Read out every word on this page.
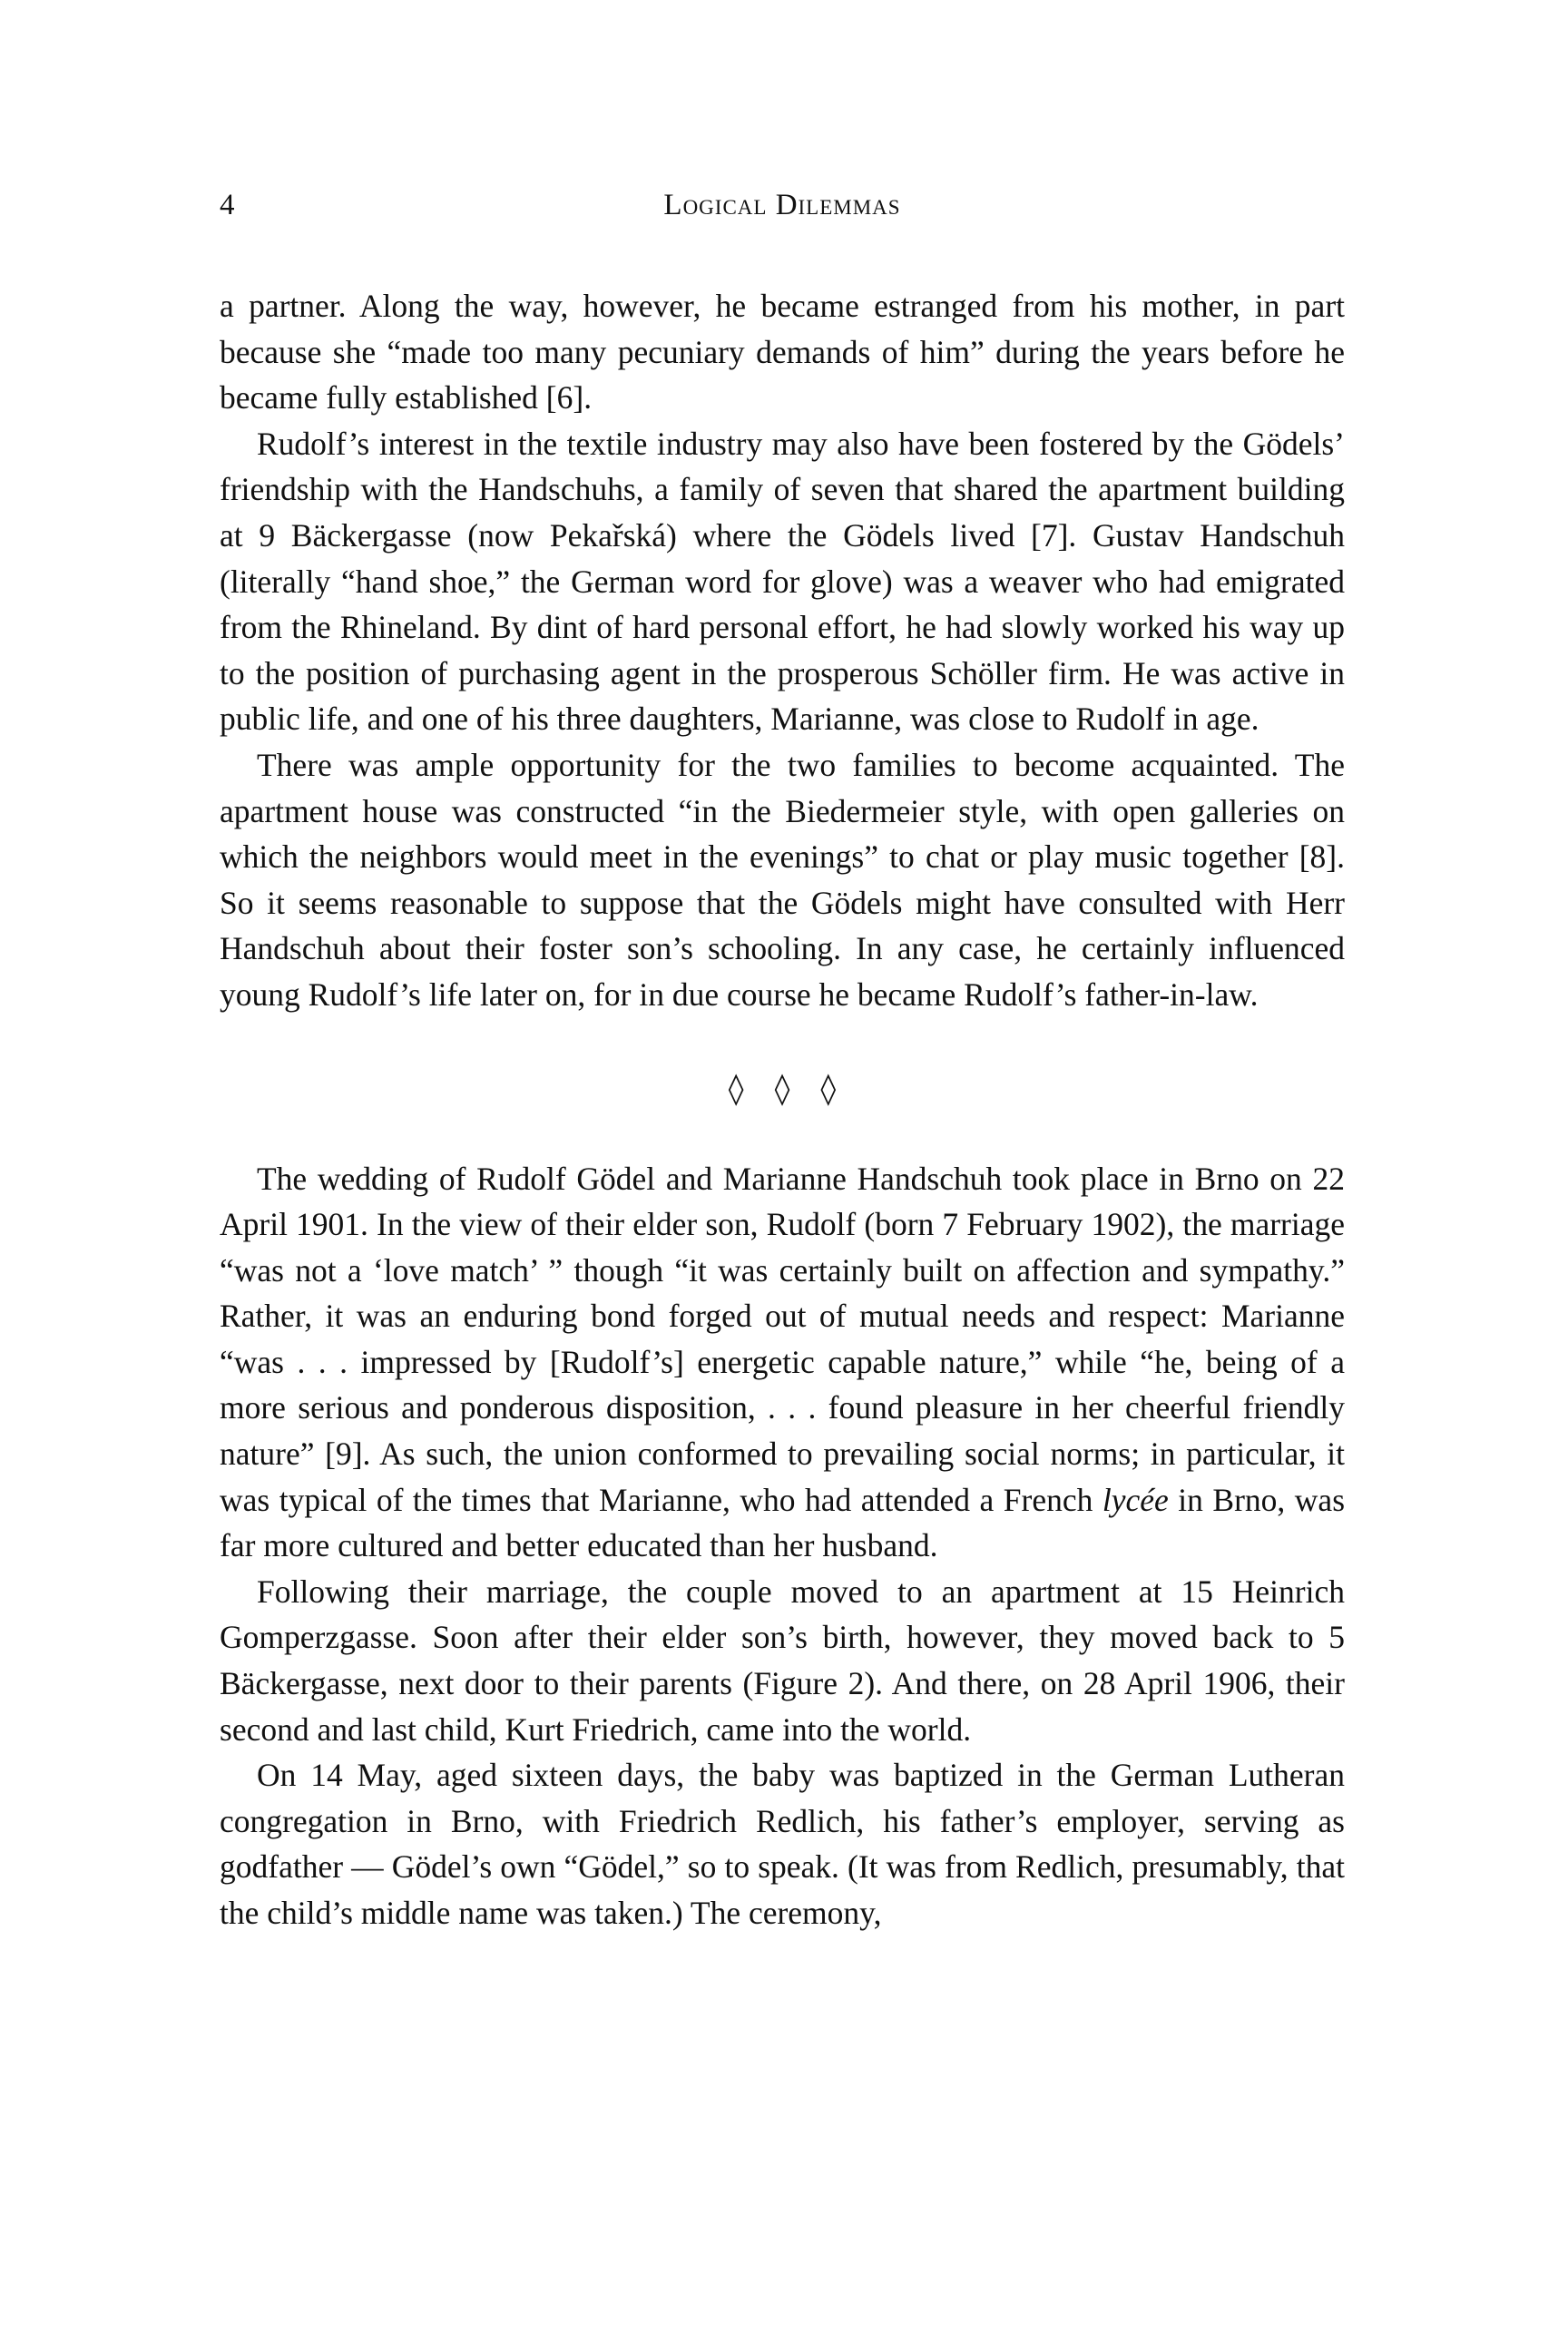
4	Logical Dilemmas

a partner. Along the way, however, he became estranged from his mother, in part because she “made too many pecuniary demands of him” during the years before he became fully established [6].

Rudolf’s interest in the textile industry may also have been fostered by the Gödels’ friendship with the Handschuhs, a family of seven that shared the apartment building at 9 Bäckergasse (now Pekařská) where the Gödels lived [7]. Gustav Handschuh (literally “hand shoe,” the German word for glove) was a weaver who had emigrated from the Rhineland. By dint of hard personal effort, he had slowly worked his way up to the position of purchasing agent in the prosperous Schöller firm. He was active in public life, and one of his three daughters, Marianne, was close to Rudolf in age.

There was ample opportunity for the two families to become acquainted. The apartment house was constructed “in the Biedermeier style, with open galleries on which the neighbors would meet in the evenings” to chat or play music together [8]. So it seems reasonable to suppose that the Gödels might have consulted with Herr Handschuh about their foster son’s schooling. In any case, he certainly influenced young Rudolf’s life later on, for in due course he became Rudolf’s father-in-law.

◊ ◊ ◊

The wedding of Rudolf Gödel and Marianne Handschuh took place in Brno on 22 April 1901. In the view of their elder son, Rudolf (born 7 February 1902), the marriage “was not a ‘love match’ ” though “it was certainly built on affection and sympathy.” Rather, it was an enduring bond forged out of mutual needs and respect: Marianne “was . . . impressed by [Rudolf’s] energetic capable nature,” while “he, being of a more serious and ponderous disposition, . . . found pleasure in her cheerful friendly nature” [9]. As such, the union conformed to prevailing social norms; in particular, it was typical of the times that Marianne, who had attended a French lycée in Brno, was far more cultured and better educated than her husband.

Following their marriage, the couple moved to an apartment at 15 Heinrich Gomperzgasse. Soon after their elder son’s birth, however, they moved back to 5 Bäckergasse, next door to their parents (Figure 2). And there, on 28 April 1906, their second and last child, Kurt Friedrich, came into the world.

On 14 May, aged sixteen days, the baby was baptized in the German Lutheran congregation in Brno, with Friedrich Redlich, his father’s employer, serving as godfather — Gödel’s own “Gödel,” so to speak. (It was from Redlich, presumably, that the child’s middle name was taken.) The ceremony,
